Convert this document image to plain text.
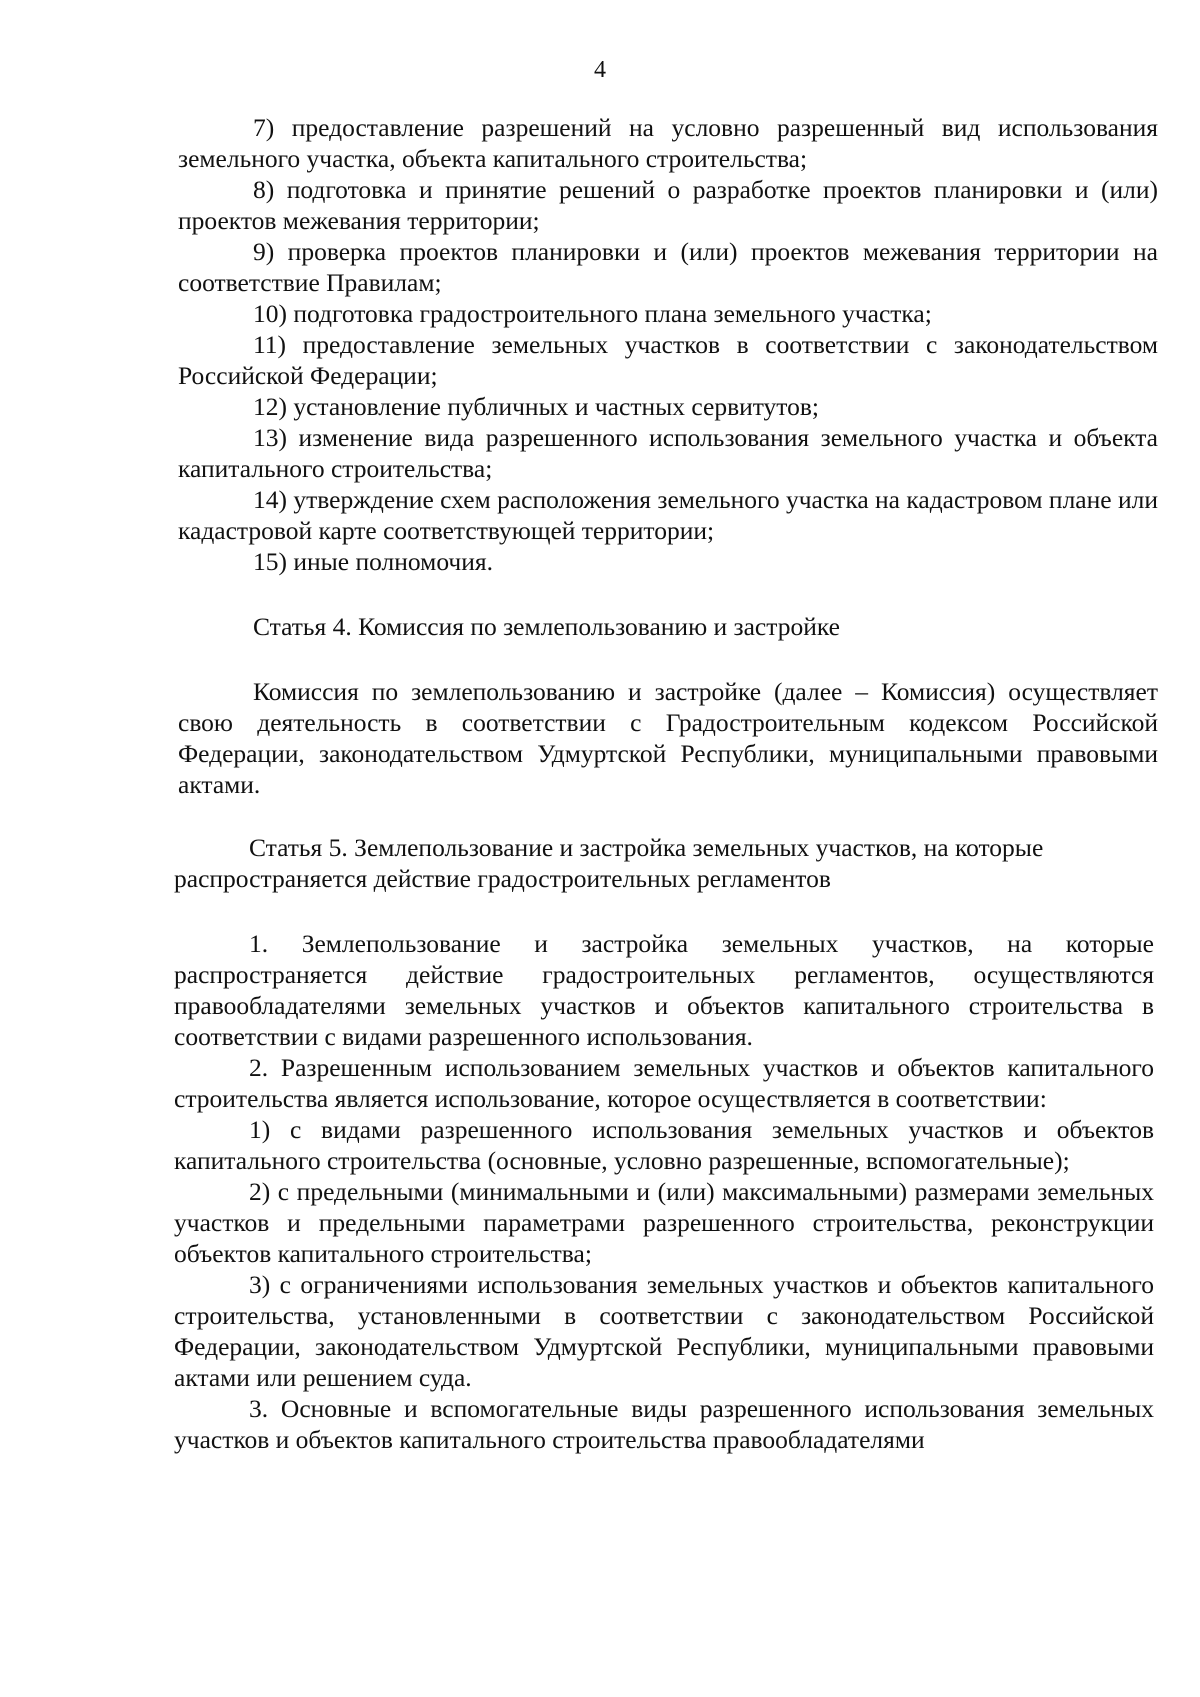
4

7) предоставление разрешений на условно разрешенный вид использования земельного участка, объекта капитального строительства;

8) подготовка и принятие решений о разработке проектов планировки и (или) проектов межевания территории;

9) проверка проектов планировки и (или) проектов межевания территории на соответствие Правилам;

10) подготовка градостроительного плана земельного участка;

11) предоставление земельных участков в соответствии с законодательством Российской Федерации;

12) установление публичных и частных сервитутов;

13) изменение вида разрешенного использования земельного участка и объекта капитального строительства;

14) утверждение схем расположения земельного участка на кадастровом плане или кадастровой карте соответствующей территории;

15) иные полномочия.

Статья 4. Комиссия по землепользованию и застройке

Комиссия по землепользованию и застройке (далее – Комиссия) осуществляет свою деятельность в соответствии с Градостроительным кодексом Российской Федерации, законодательством Удмуртской Республики, муниципальными правовыми актами.

Статья 5. Землепользование и застройка земельных участков, на которые распространяется действие градостроительных регламентов

1. Землепользование и застройка земельных участков, на которые распространяется действие градостроительных регламентов, осуществляются правообладателями земельных участков и объектов капитального строительства в соответствии с видами разрешенного использования.

2. Разрешенным использованием земельных участков и объектов капитального строительства является использование, которое осуществляется в соответствии:

1) с видами разрешенного использования земельных участков и объектов капитального строительства (основные, условно разрешенные, вспомогательные);

2) с предельными (минимальными и (или) максимальными) размерами земельных участков и предельными параметрами разрешенного строительства, реконструкции объектов капитального строительства;

3) с ограничениями использования земельных участков и объектов капитального строительства, установленными в соответствии с законодательством Российской Федерации, законодательством Удмуртской Республики, муниципальными правовыми актами или решением суда.

3. Основные и вспомогательные виды разрешенного использования земельных участков и объектов капитального строительства правообладателями
